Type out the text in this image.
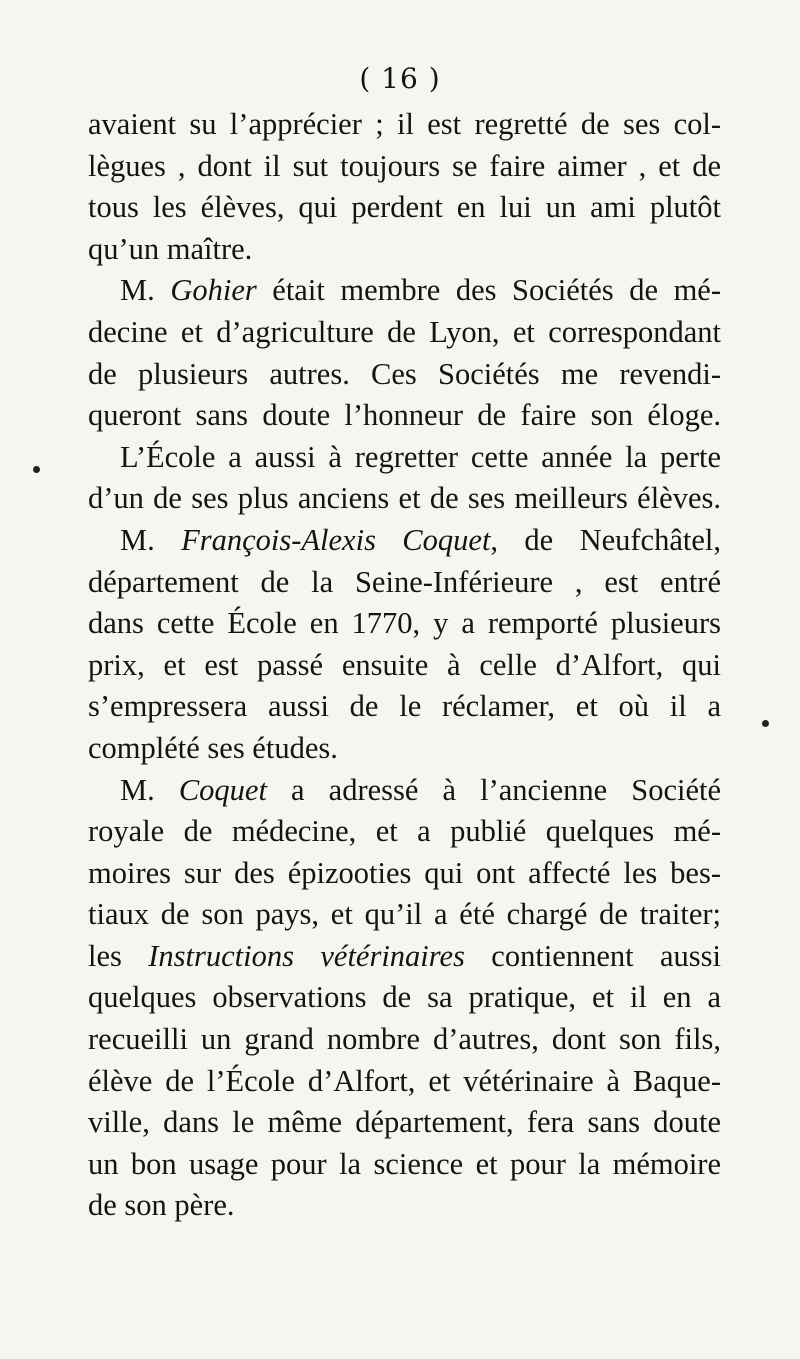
( 16 )
avaient su l’apprécier ; il est regretté de ses col-
lègues , dont il sut toujours se faire aimer , et de
tous les élèves, qui perdent en lui un ami plutôt
qu’un maître.
M. Gohier était membre des Sociétés de mé-
decine et d’agriculture de Lyon, et correspondant
de plusieurs autres. Ces Sociétés me revendi-
queront sans doute l’honneur de faire son éloge.
L’École a aussi à regretter cette année la perte
d’un de ses plus anciens et de ses meilleurs élèves.
M. François-Alexis Coquet, de Neufchâtel,
département de la Seine-Inférieure , est entré
dans cette École en 1770, y a remporté plusieurs
prix, et est passé ensuite à celle d’Alfort, qui
s’empressera aussi de le réclamer, et où il a
complété ses études.
M. Coquet a adressé à l’ancienne Société
royale de médecine, et a publié quelques mé-
moires sur des épizooties qui ont affecté les bes-
tiaux de son pays, et qu’il a été chargé de traiter;
les Instructions vétérinaires contiennent aussi
quelques observations de sa pratique, et il en a
recueilli un grand nombre d’autres, dont son fils,
élève de l’École d’Alfort, et vétérinaire à Baque-
ville, dans le même département, fera sans doute
un bon usage pour la science et pour la mémoire
de son père.
